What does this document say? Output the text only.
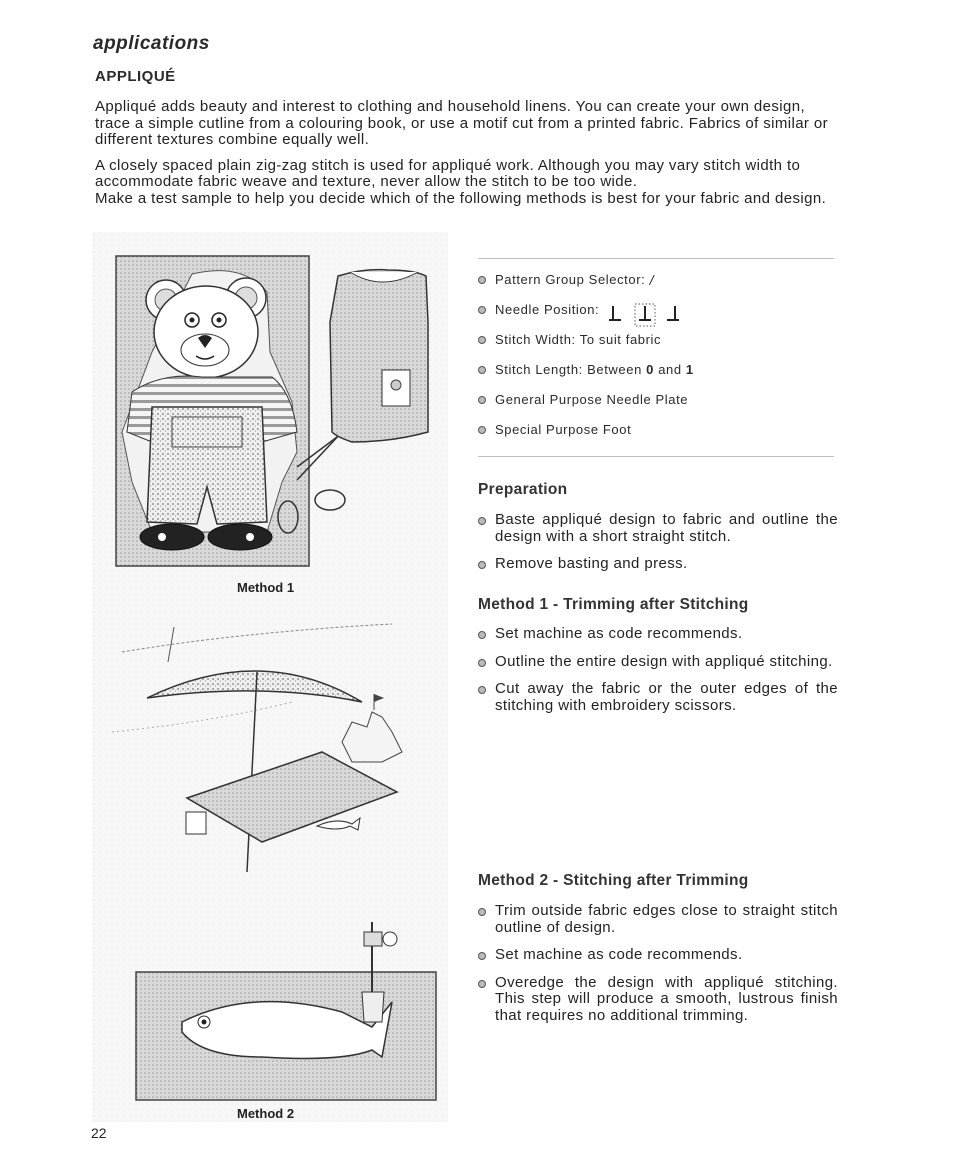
applications
APPLIQUÉ

Appliqué adds beauty and interest to clothing and household linens. You can create your own design, trace a simple cutline from a colouring book, or use a motif cut from a printed fabric. Fabrics of similar or different textures combine equally well.

A closely spaced plain zig-zag stitch is used for appliqué work. Although you may vary stitch width to accommodate fabric weave and texture, never allow the stitch to be too wide.

Make a test sample to help you decide which of the following methods is best for your fabric and design.

Method 1
Method 2
Pattern Group Selector:
/
Needle Position:
Stitch Width: To suit fabric
Stitch Length: Between
0
and
1
General Purpose Needle Plate
Special Purpose Foot
Preparation
Baste appliqué design to fabric and outline the design with a short straight stitch.
Remove basting and press.
Method 1 - Trimming after Stitching
Set machine as code recommends.
Outline the entire design with appliqué stitching.
Cut away the fabric or the outer edges of the stitching with embroidery scissors.
Method 2 - Stitching after Trimming
Trim outside fabric edges close to straight stitch outline of design.
Set machine as code recommends.
Overedge the design with appliqué stitching. This step will produce a smooth, lustrous finish that requires no additional trimming.
22
